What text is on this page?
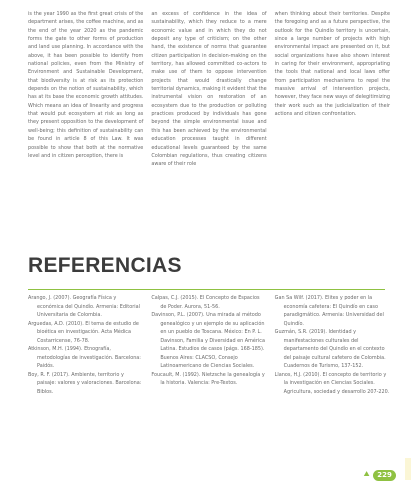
is the year 1990 as the first great crisis of the department arises, the coffee machine, and as the end of the year 2020 as the pandemic forms the gate to other forms of production and land use planning. In accordance with the above, it has been possible to identify from national policies, even from the Ministry of Environment and Sustainable Development, that biodiversity is at risk as its protection depends on the notion of sustainability, which has at its base the economic growth attitudes. Which means an idea of linearity and progress that would put ecosystem at risk as long as they present opposition to the development of well-being; this definition of sustainability can be found in article 8 of this Law. It was possible to show that both at the normative level and in citizen perception, there is

an excess of confidence in the idea of sustainability, which they reduce to a mere economic value and in which they do not deposit any type of criticism; on the other hand, the existence of norms that guarantee citizen participation in decision-making on the territory, has allowed committed co-actors to make use of them to oppose intervention projects that would drastically change territorial dynamics, making it evident that the instrumental vision on restoration of an ecosystem due to the production or polluting practices produced by individuals has gone beyond the simple environmental issue and this has been achieved by the environmental education processes taught in different educational levels guaranteed by the same Colombian regulations, thus creating citizens aware of their role

when thinking about their territories. Despite the foregoing and as a future perspective, the outlook for the Quindío territory is uncertain, since a large number of projects with high environmental impact are presented on it, but social organizations have also shown interest in caring for their environment, appropriating the tools that national and local laws offer from participation mechanisms to repel the massive arrival of intervention projects, however, they face new ways of delegitimizing their work such as the judicialization of their actions and citizen confrontation.

REFERENCIAS

Arango, J. (2007). Geografía Física y económica del Quindío. Armenia: Editorial Universitaria de Colombia.

Arguedas, A.D. (2010). El tema de estudio de bioética en investigación. Acta Médica Costarricense, 76-78.

Atkinson, M.H. (1994). Etnografía, metodologías de investigación. Barcelona: Paidós.

Boy, R. F. (2017). Ambiente, territorio y paisaje: valores y valoraciones. Barcelona: Biblos.

Calpas, C.J. (2015). El Concepto de Espacios de Poder. Aurora, 51-56.

Davinson, P.L. (2007). Una mirada al método genealógico y un ejemplo de su aplicación en un pueblo de Toscana. México: En P. L. Davinson, Familia y Diversidad en América Latina. Estudios de casos (págs. 168-185). Buenos Aires: CLACSO, Consejo Latinoamericano de Ciencias Sociales.

Foucault, M. (1992). Nietzsche la genealogía y la historia. Valencia: Pre-Textos.

Gan Sa Wilf. (2017). Elites y poder en la economía cafetera: El Quindío en caso paradigmático. Armenia: Universidad del Quindío.

Guzmán, S.R. (2019). Identidad y manifestaciones culturales del departamento del Quindío en el contexto del paisaje cultural cafetero de Colombia. Cuadernos de Turismo, 137-152.

Llanos, H.J. (2010). El concepto de territorio y la investigación en Ciencias Sociales. Agricultura, sociedad y desarrollo 207-220.

⯅	229
